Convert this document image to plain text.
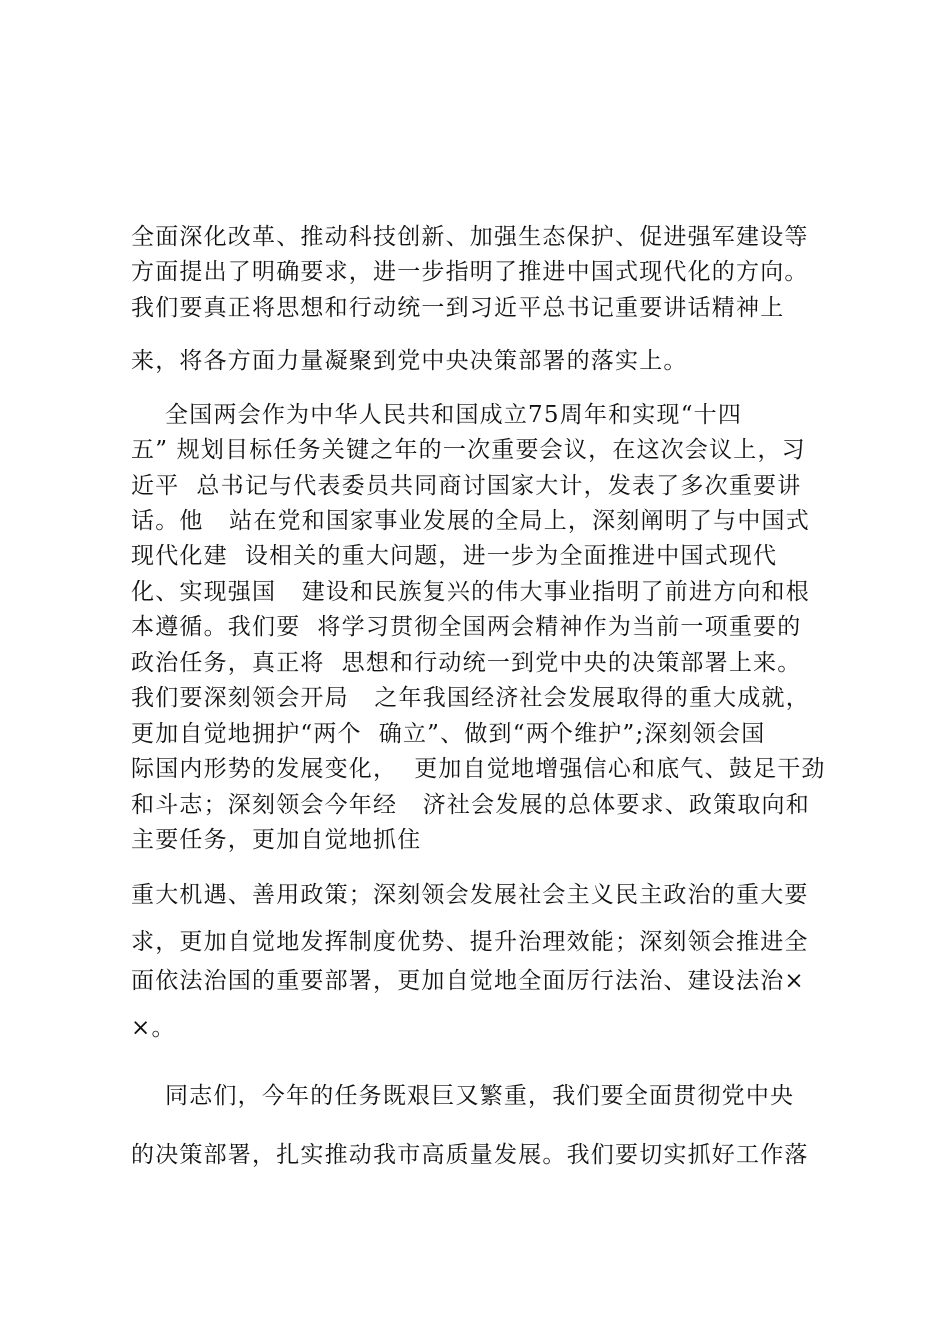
全面深化改革、推动科技创新、加强生态保护、促进强军建设等

方面提出了明确要求，进一步指明了推进中国式现代化的方向。

我们要真正将思想和行动统一到习近平总书记重要讲话精神上

来，将各方面力量凝聚到党中央决策部署的落实上。

全国两会作为中华人民共和国成立75周年和实现“十四

五” 规划目标任务关键之年的一次重要会议，在这次会议上，习

近平  总书记与代表委员共同商讨国家大计，发表了多次重要讲

话。他   站在党和国家事业发展的全局上，深刻阐明了与中国式

现代化建  设相关的重大问题，进一步为全面推进中国式现代

化、实现强国   建设和民族复兴的伟大事业指明了前进方向和根

本遵循。我们要  将学习贯彻全国两会精神作为当前一项重要的

政治任务，真正将  思想和行动统一到党中央的决策部署上来。

我们要深刻领会开局   之年我国经济社会发展取得的重大成就，

更加自觉地拥护“两个  确立”、做到“两个维护”;深刻领会国

际国内形势的发展变化，  更加自觉地增强信心和底气、鼓足干劲

和斗志；深刻领会今年经   济社会发展的总体要求、政策取向和

主要任务，更加自觉地抓住

重大机遇、善用政策；深刻领会发展社会主义民主政治的重大要

求，更加自觉地发挥制度优势、提升治理效能；深刻领会推进全

面依法治国的重要部署，更加自觉地全面厉行法治、建设法治×

×。

同志们，今年的任务既艰巨又繁重，我们要全面贯彻党中央

的决策部署，扎实推动我市高质量发展。我们要切实抓好工作落
